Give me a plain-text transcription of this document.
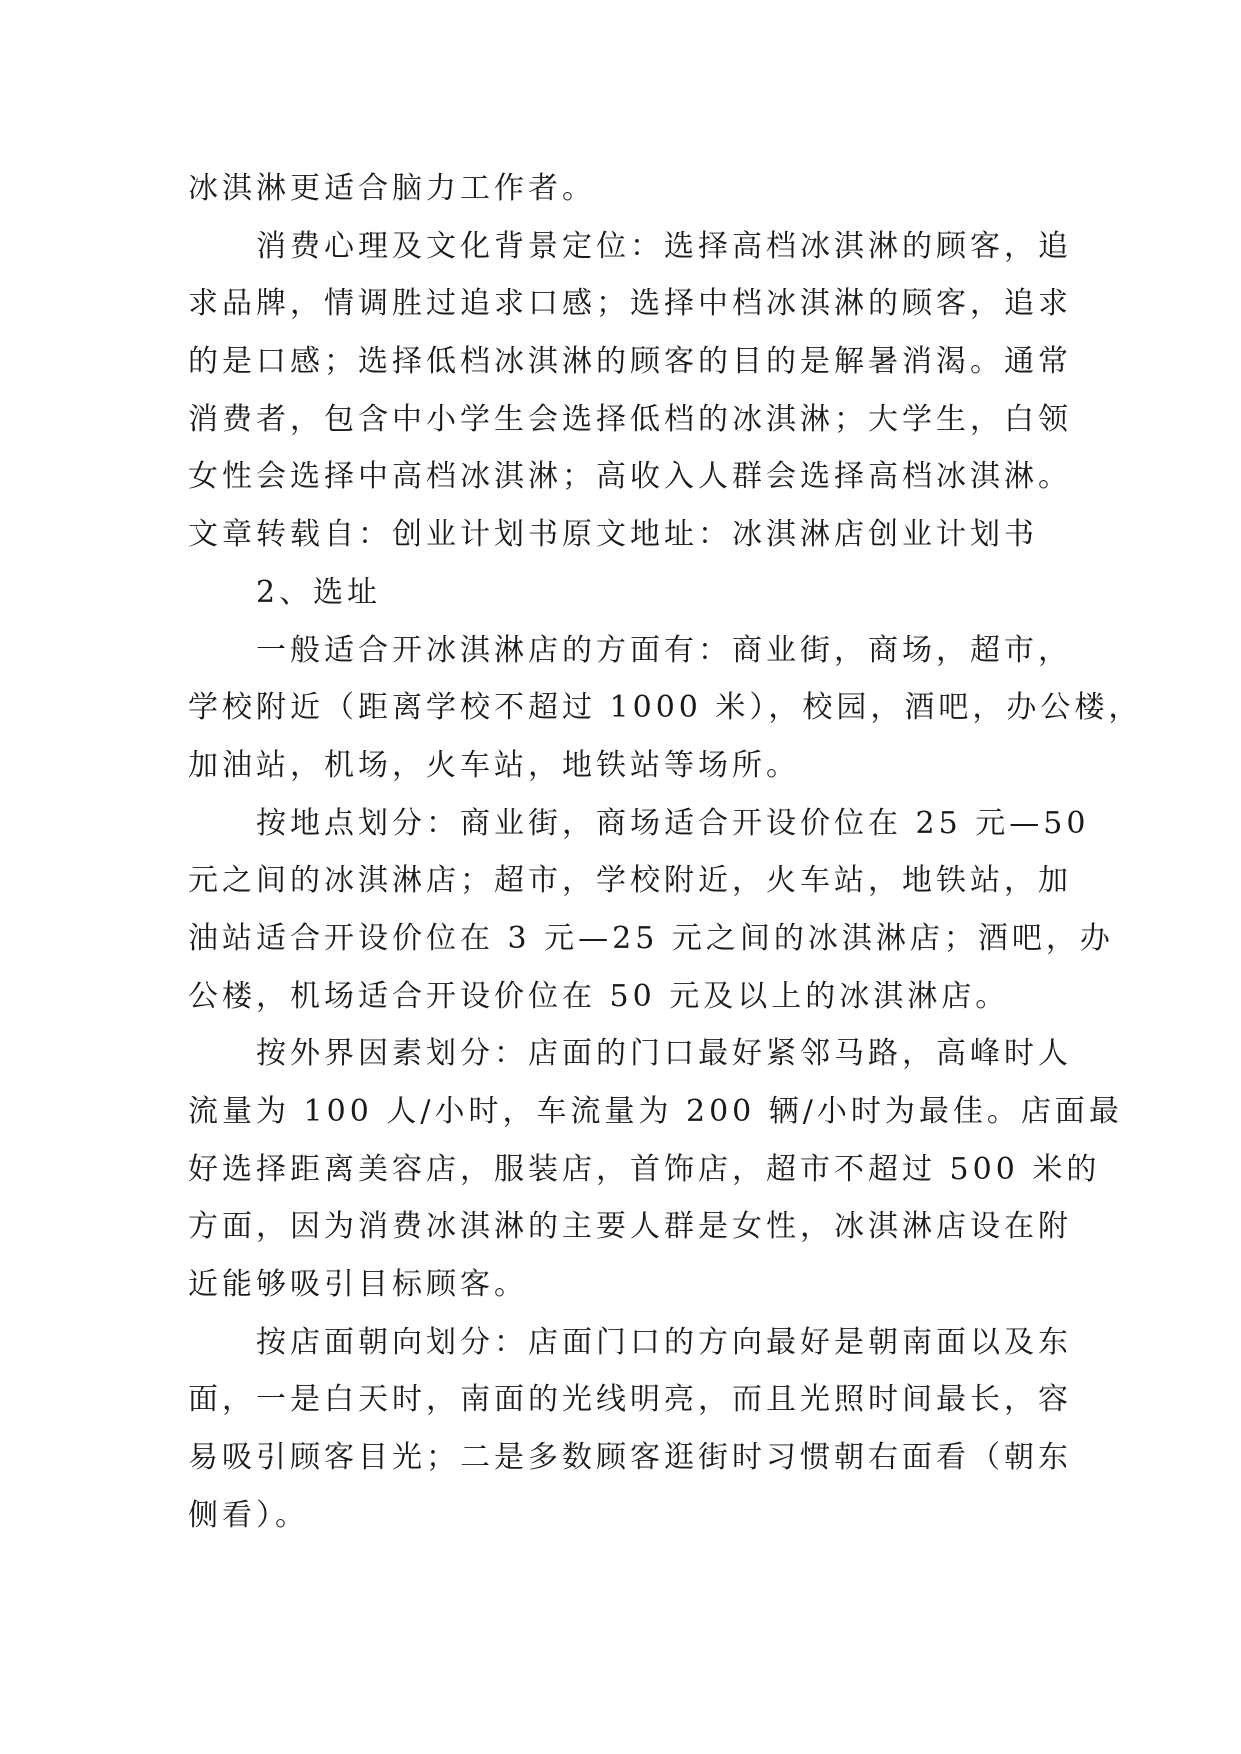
冰淇淋更适合脑力工作者。
消费心理及文化背景定位：选择高档冰淇淋的顾客，追
求品牌，情调胜过追求口感；选择中档冰淇淋的顾客，追求
的是口感；选择低档冰淇淋的顾客的目的是解暑消渴。通常
消费者，包含中小学生会选择低档的冰淇淋；大学生，白领
女性会选择中高档冰淇淋；高收入人群会选择高档冰淇淋。
文章转载自：创业计划书原文地址：冰淇淋店创业计划书
2、选址
一般适合开冰淇淋店的方面有：商业街，商场，超市，
学校附近（距离学校不超过 1000 米），校园，酒吧，办公楼，
加油站，机场，火车站，地铁站等场所。
按地点划分：商业街，商场适合开设价位在 25 元—50
元之间的冰淇淋店；超市，学校附近，火车站，地铁站，加
油站适合开设价位在 3 元—25 元之间的冰淇淋店；酒吧，办
公楼，机场适合开设价位在 50 元及以上的冰淇淋店。
按外界因素划分：店面的门口最好紧邻马路，高峰时人
流量为 100 人/小时，车流量为 200 辆/小时为最佳。店面最
好选择距离美容店，服装店，首饰店，超市不超过 500 米的
方面，因为消费冰淇淋的主要人群是女性，冰淇淋店设在附
近能够吸引目标顾客。
按店面朝向划分：店面门口的方向最好是朝南面以及东
面，一是白天时，南面的光线明亮，而且光照时间最长，容
易吸引顾客目光；二是多数顾客逛街时习惯朝右面看（朝东
侧看）。
